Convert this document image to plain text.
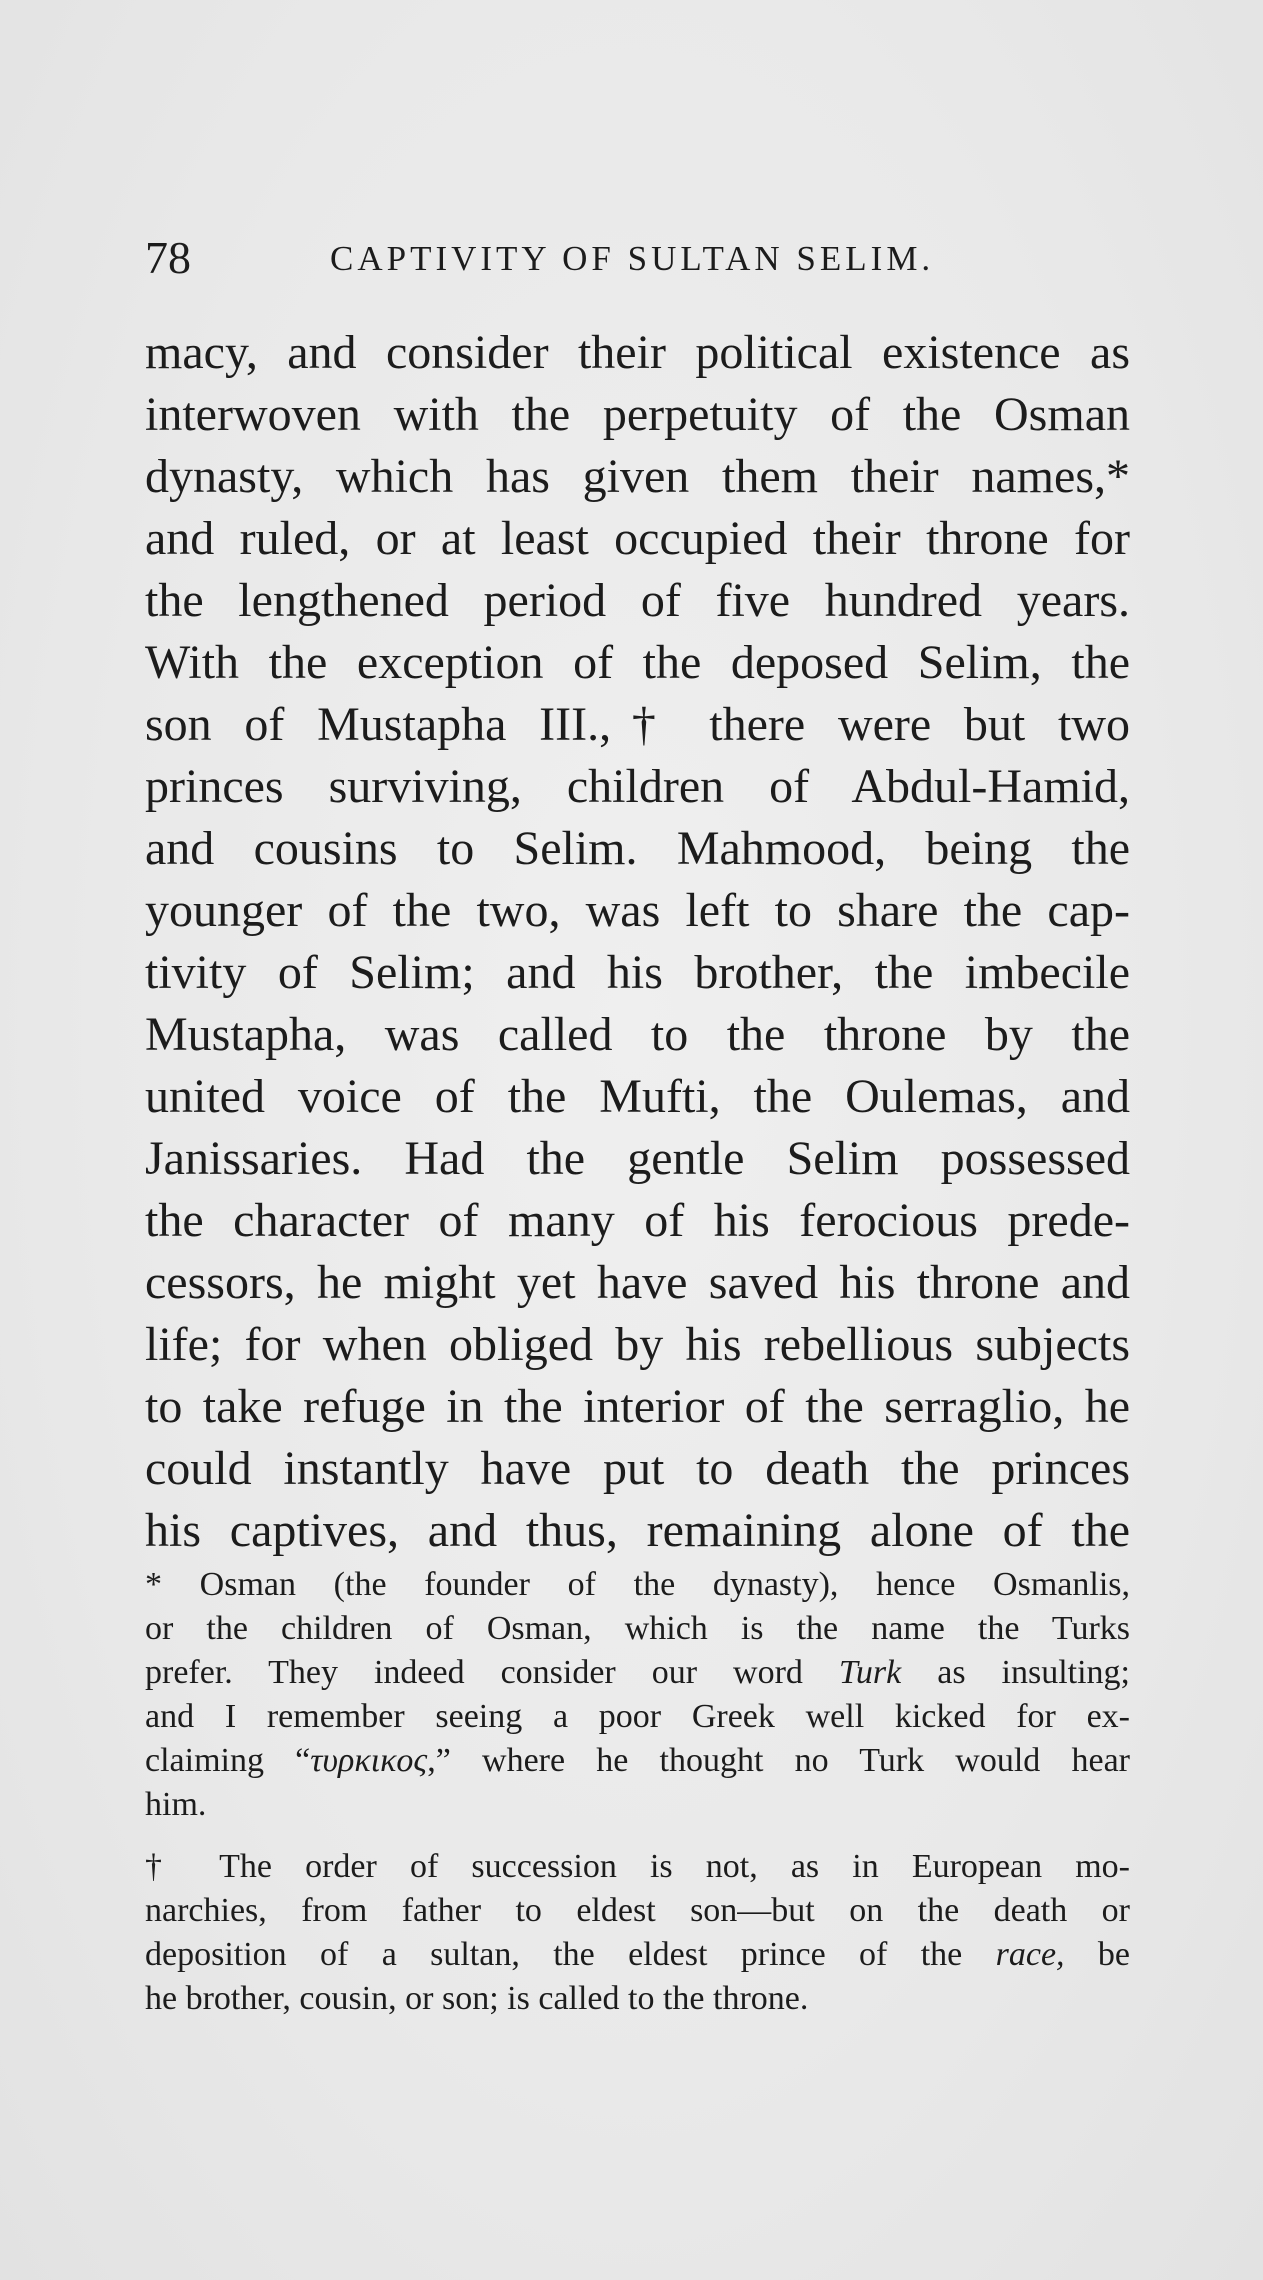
78	CAPTIVITY OF SULTAN SELIM.
macy, and consider their political existence as
interwoven with the perpetuity of the Osman
dynasty, which has given them their names,*
and ruled, or at least occupied their throne for
the lengthened period of five hundred years.
With the exception of the deposed Selim, the
son of Mustapha III.,† there were but two
princes surviving, children of Abdul-Hamid,
and cousins to Selim. Mahmood, being the
younger of the two, was left to share the cap-
tivity of Selim; and his brother, the imbecile
Mustapha, was called to the throne by the
united voice of the Mufti, the Oulemas, and
Janissaries. Had the gentle Selim possessed
the character of many of his ferocious prede-
cessors, he might yet have saved his throne and
life; for when obliged by his rebellious subjects
to take refuge in the interior of the serraglio, he
could instantly have put to death the princes
his captives, and thus, remaining alone of the
* Osman (the founder of the dynasty), hence Osmanlis,
or the children of Osman, which is the name the Turks
prefer. They indeed consider our word Turk as insulting;
and I remember seeing a poor Greek well kicked for ex-
claiming “τυρκικος,” where he thought no Turk would hear
him.
† The order of succession is not, as in European mo-
narchies, from father to eldest son—but on the death or
deposition of a sultan, the eldest prince of the race, be
he brother, cousin, or son; is called to the throne.
